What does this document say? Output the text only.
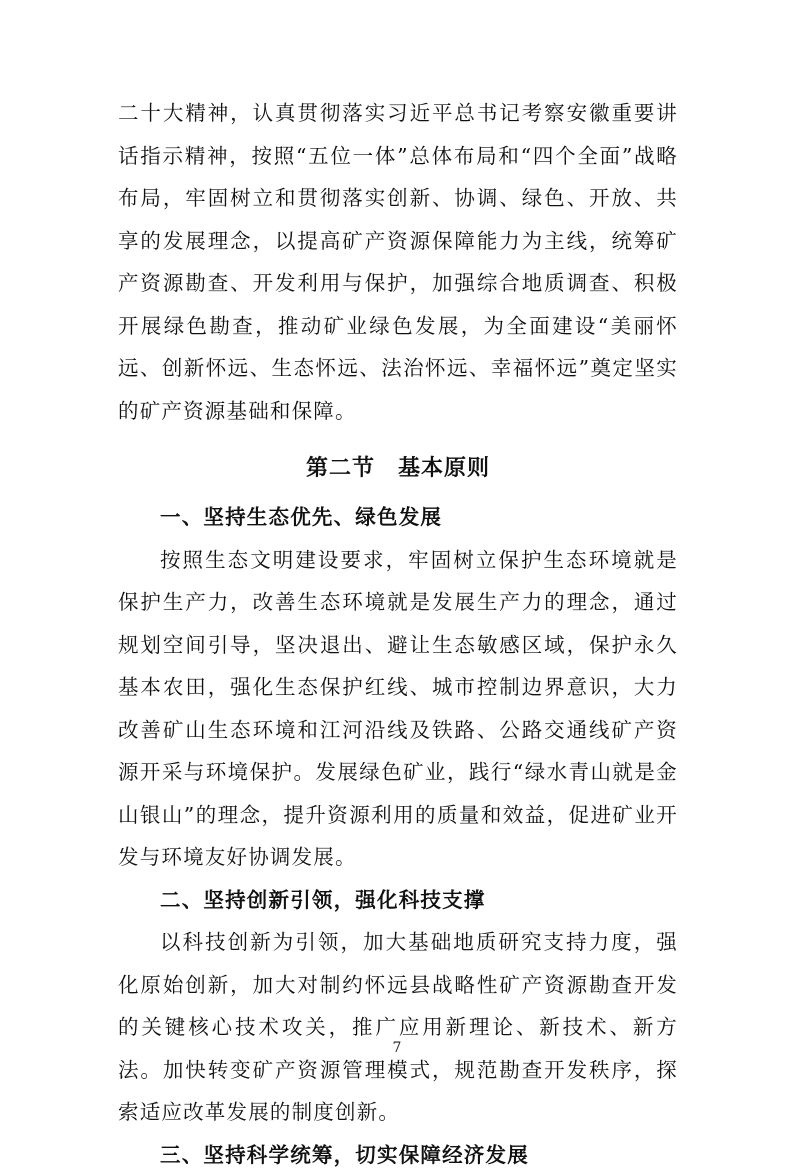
二十大精神，认真贯彻落实习近平总书记考察安徽重要讲话指示精神，按照“五位一体”总体布局和“四个全面”战略布局，牢固树立和贯彻落实创新、协调、绿色、开放、共享的发展理念，以提高矿产资源保障能力为主线，统筹矿产资源勘查、开发利用与保护，加强综合地质调查、积极开展绿色勘查，推动矿业绿色发展，为全面建设“美丽怀远、创新怀远、生态怀远、法治怀远、幸福怀远”奠定坚实的矿产资源基础和保障。

第二节　基本原则

一、坚持生态优先、绿色发展

按照生态文明建设要求，牢固树立保护生态环境就是保护生产力，改善生态环境就是发展生产力的理念，通过规划空间引导，坚决退出、避让生态敏感区域，保护永久基本农田，强化生态保护红线、城市控制边界意识，大力改善矿山生态环境和江河沿线及铁路、公路交通线矿产资源开采与环境保护。发展绿色矿业，践行“绿水青山就是金山银山”的理念，提升资源利用的质量和效益，促进矿业开发与环境友好协调发展。

二、坚持创新引领，强化科技支撑

以科技创新为引领，加大基础地质研究支持力度，强化原始创新，加大对制约怀远县战略性矿产资源勘查开发的关键核心技术攻关，推广应用新理论、新技术、新方法。加快转变矿产资源管理模式，规范勘查开发秩序，探索适应改革发展的制度创新。

三、坚持科学统筹，切实保障经济发展

7
